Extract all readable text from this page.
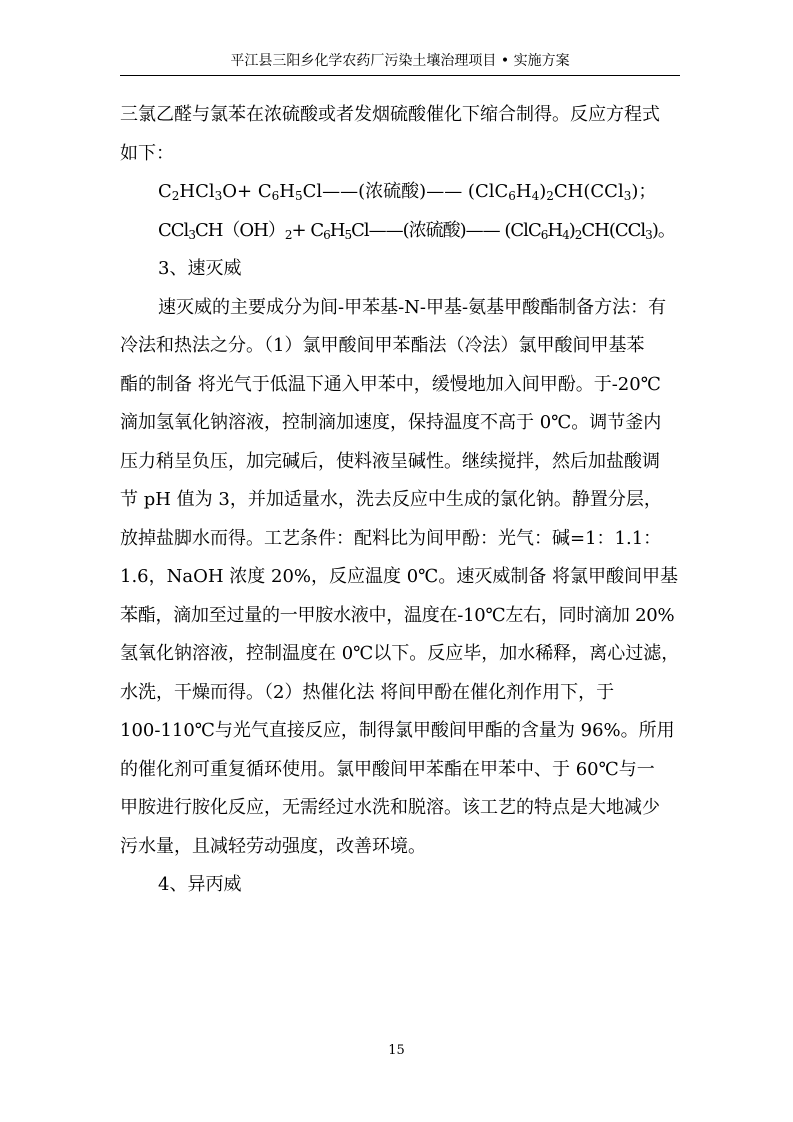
平江县三阳乡化学农药厂污染土壤治理项目 • 实施方案

三氯乙醛与氯苯在浓硫酸或者发烟硫酸催化下缩合制得。反应方程式

如下：

$C_2HCl_3O+$ $C_6H_5Cl——$(浓硫酸)—— $(ClC_6H_4)_2CH(CCl_3)$；

$CCl_3CH(OH)_2+$ $C_6H_5Cl——$(浓硫酸)—— $(ClC_6H_4)_2CH(CCl_3)$。

3、速灭威

速灭威的主要成分为间-甲苯基-N-甲基-氨基甲酸酯制备方法：有

冷法和热法之分。（1）氯甲酸间甲苯酯法（冷法）氯甲酸间甲基苯

酯的制备 将光气于低温下通入甲苯中，缓慢地加入间甲酚。于-20℃

滴加氢氧化钠溶液，控制滴加速度，保持温度不高于 0℃。调节釜内

压力稍呈负压，加完碱后，使料液呈碱性。继续搅拌，然后加盐酸调

节 pH 值为 3，并加适量水，洗去反应中生成的氯化钠。静置分层，

放掉盐脚水而得。工艺条件：配料比为间甲酚：光气：碱=1：1.1：

1.6，NaOH 浓度 20%，反应温度 0℃。速灭威制备 将氯甲酸间甲基

苯酯，滴加至过量的一甲胺水液中，温度在-10℃左右，同时滴加 20%

氢氧化钠溶液，控制温度在 0℃以下。反应毕，加水稀释，离心过滤，

水洗，干燥而得。（2）热催化法 将间甲酚在催化剂作用下，于

100-110℃与光气直接反应，制得氯甲酸间甲酯的含量为 96%。所用

的催化剂可重复循环使用。氯甲酸间甲苯酯在甲苯中、于 60℃与一

甲胺进行胺化反应，无需经过水洗和脱溶。该工艺的特点是大地减少

污水量，且减轻劳动强度，改善环境。

4、异丙威

15
